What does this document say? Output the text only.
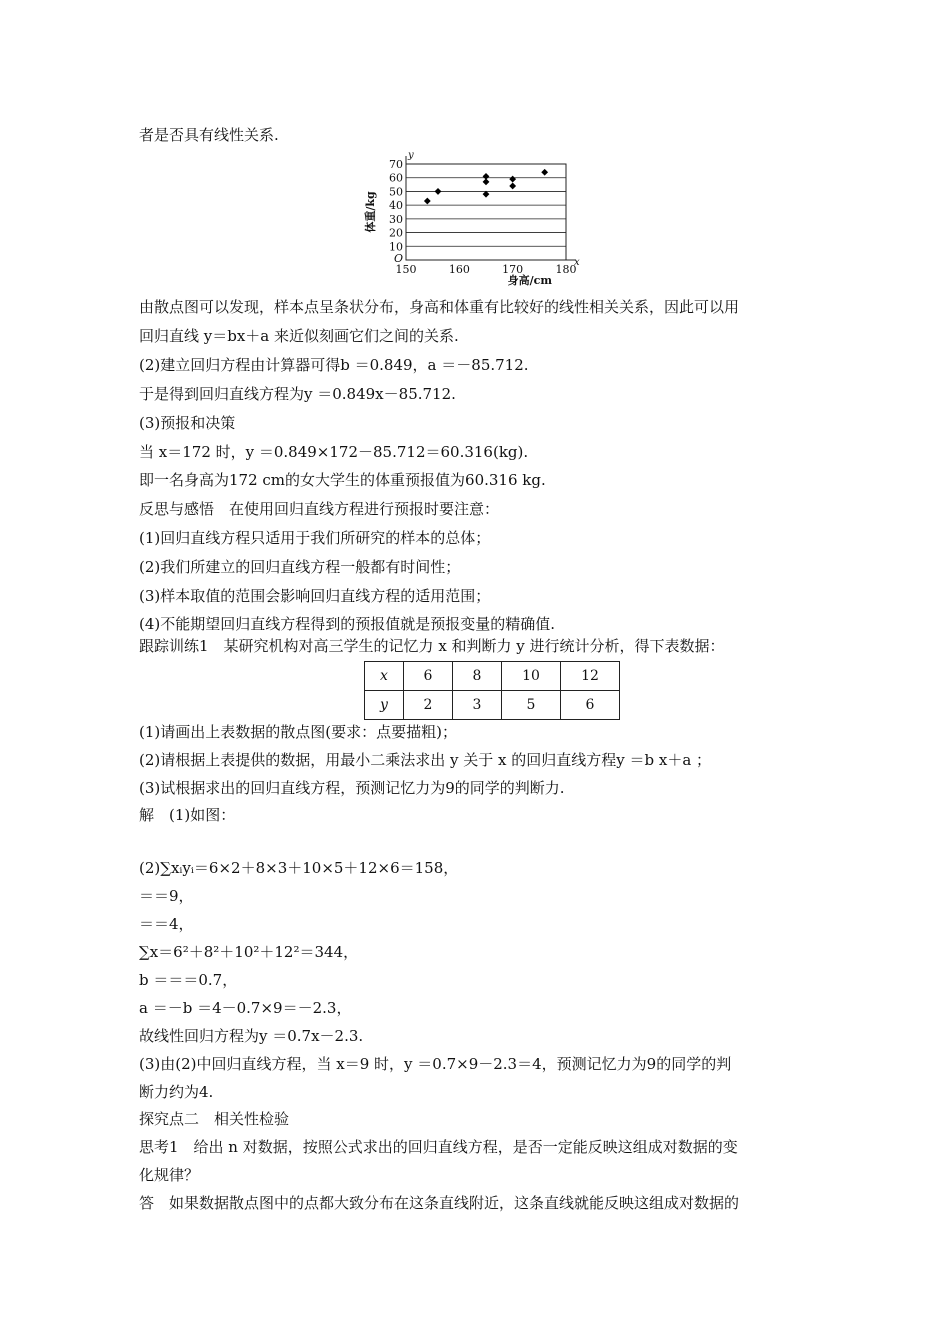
者是否具有线性关系.
y
x
10
20
30
40
50
60
70
O
150	160	170	180
身高/cm
体重/kg
由散点图可以发现，样本点呈条状分布，身高和体重有比较好的线性相关关系，因此可以用
回归直线 y＝bx＋a 来近似刻画它们之间的关系.
(2)建立回归方程由计算器可得b ＝0.849，a ＝－85.712.
于是得到回归直线方程为y ＝0.849x－85.712.
(3)预报和决策
当 x＝172 时，y ＝0.849×172－85.712＝60.316(kg).
即一名身高为172 cm的女大学生的体重预报值为60.316 kg.
反思与感悟　在使用回归直线方程进行预报时要注意：
(1)回归直线方程只适用于我们所研究的样本的总体；
(2)我们所建立的回归直线方程一般都有时间性；
(3)样本取值的范围会影响回归直线方程的适用范围；
(4)不能期望回归直线方程得到的预报值就是预报变量的精确值.
跟踪训练1　某研究机构对高三学生的记忆力 x 和判断力 y 进行统计分析，得下表数据：
x	6	8	10	12
y	2	3	5	6
(1)请画出上表数据的散点图(要求：点要描粗)；
(2)请根据上表提供的数据，用最小二乘法求出 y 关于 x 的回归直线方程y ＝b x＋a ；
(3)试根据求出的回归直线方程，预测记忆力为9的同学的判断力.
解　(1)如图：
(2)∑xᵢyᵢ＝6×2＋8×3＋10×5＋12×6＝158，
＝＝9，
＝＝4，
∑x＝6²＋8²＋10²＋12²＝344，
b ＝＝＝0.7，
a ＝－b ＝4－0.7×9＝－2.3，
故线性回归方程为y ＝0.7x－2.3.
(3)由(2)中回归直线方程，当 x＝9 时，y ＝0.7×9－2.3＝4，预测记忆力为9的同学的判
断力约为4.
探究点二　相关性检验
思考1　给出 n 对数据，按照公式求出的回归直线方程，是否一定能反映这组成对数据的变
化规律？
答　如果数据散点图中的点都大致分布在这条直线附近，这条直线就能反映这组成对数据的
